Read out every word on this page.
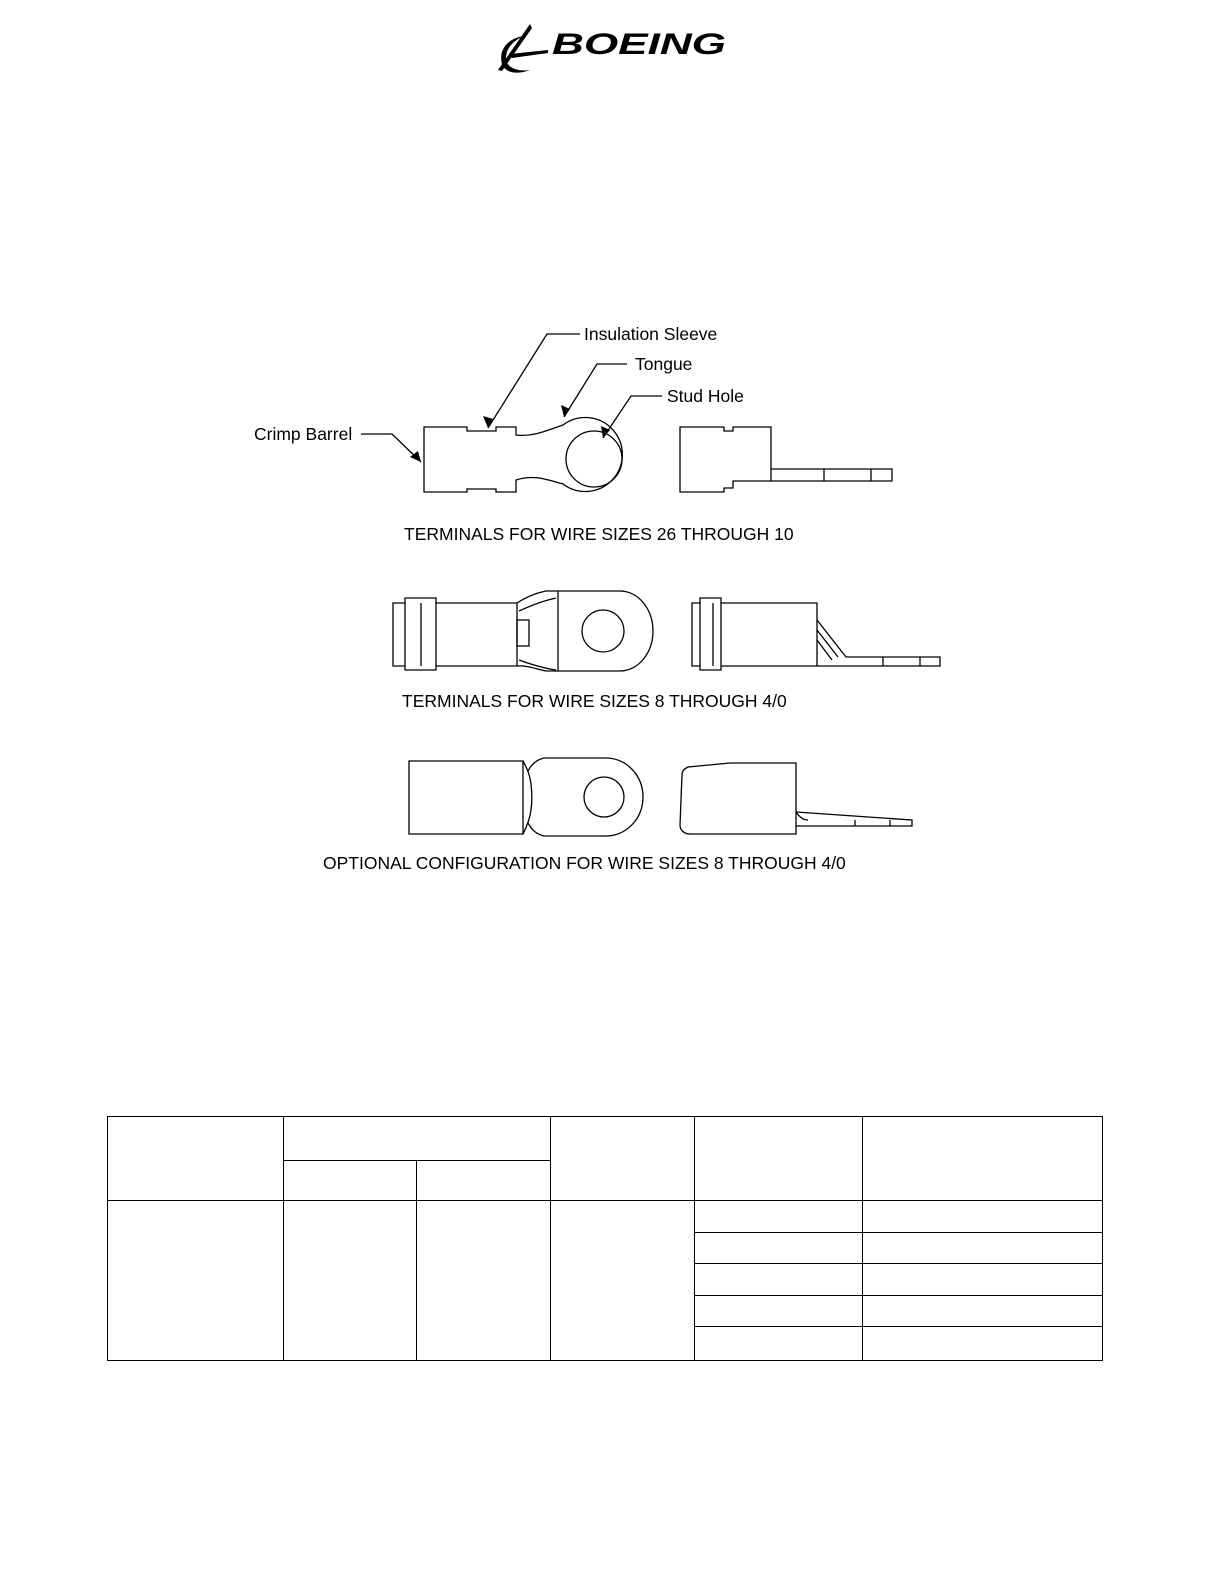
BOEING
Insulation Sleeve
Tongue
Stud Hole
Crimp Barrel
TERMINALS FOR WIRE SIZES 26 THROUGH 10
TERMINALS FOR WIRE SIZES 8 THROUGH 4/0
OPTIONAL CONFIGURATION FOR WIRE SIZES 8 THROUGH 4/0
